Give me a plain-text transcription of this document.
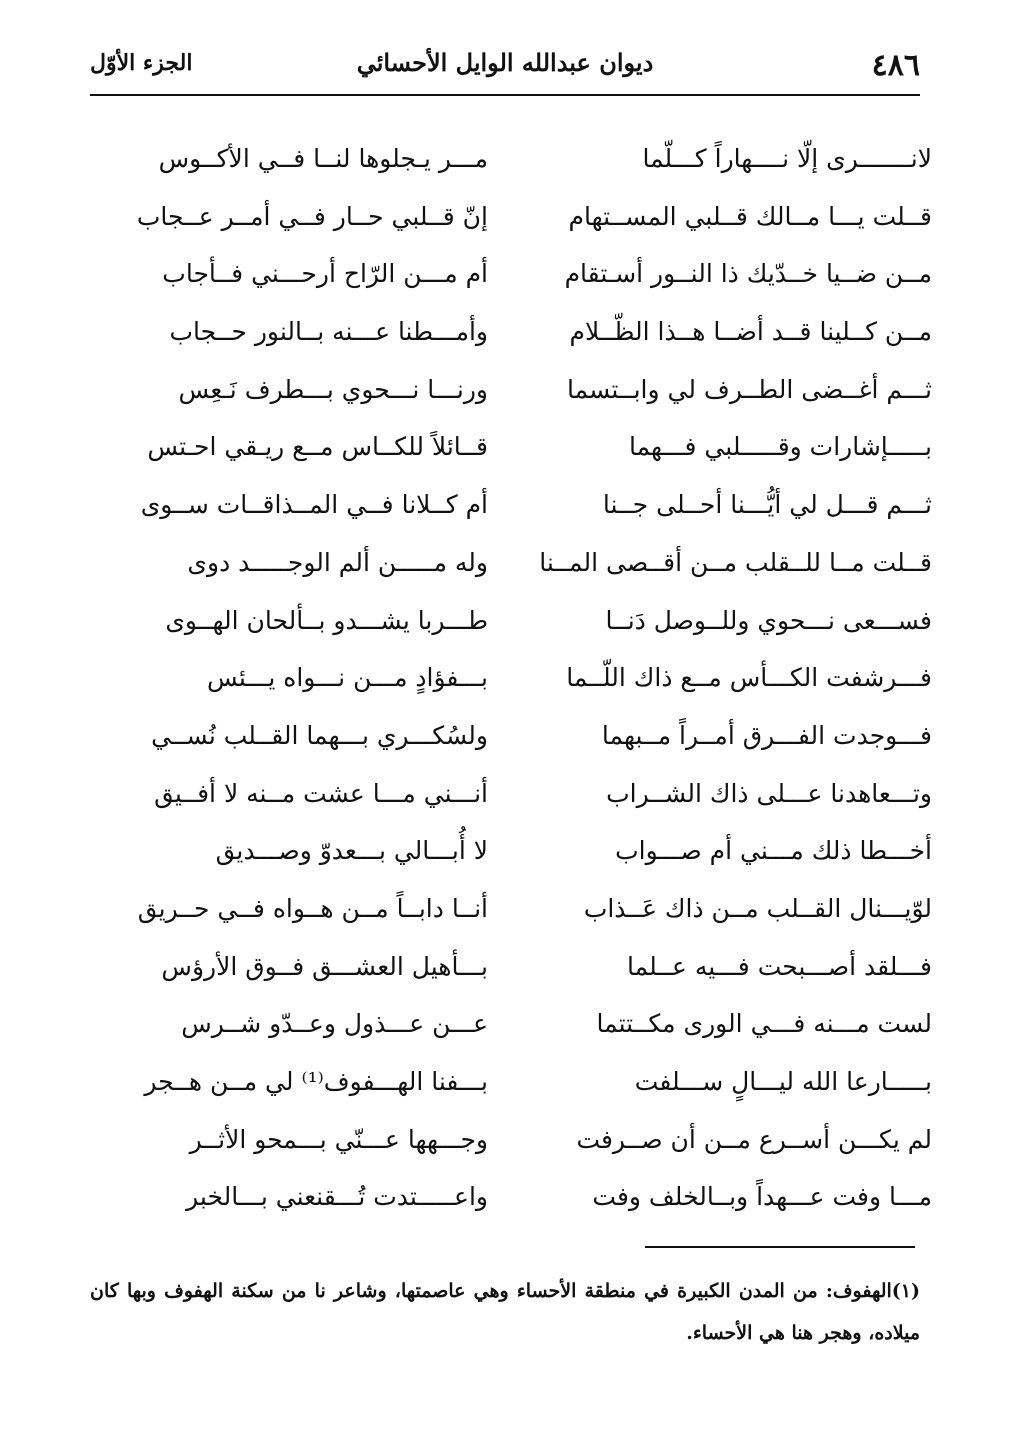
٤٨٦
ديوان عبدالله الوايل الأحسائي
الجزء الأوّل
لانـــــــرى إلّا نــــهاراً كـــلّما
مـــر يـجلوها لنــا فــي الأكــوس
قــلت يـــا مــالك قــلبي المســتهام
إنّ قــلبي حــار فــي أمــر عــجاب
مــن ضــيا خــدّيك ذا النــور أسـتقام
أم مـــن الرّاح أرحـــني فــأجاب
مــن كــلينا قــد أضــا هــذا الظّــلام
وأمـــطنا عـــنه بــالنور حــجاب
ثـــم أغــضى الطــرف لي وابــتسما
ورنـــا نـــحوي بـــطرف نَـعِس
بـــــإشارات وقـــــلبي فـــهما
قــائلاً للكــاس مــع ريـقي احـتس
ثـــم قـــل لي أيُّـــنا أحــلى جــنا
أم كــلانا فــي المــذاقــات ســوى
قــلت مــا للــقلب مــن أقــصى المــنا
وله مـــــن ألم الوجـــــد دوى
فســـعى نـــحوي وللــوصل دَنــا
طـــربا يشـــدو بــألحان الهــوى
فـــرشفت الكـــأس مــع ذاك اللّــما
بـــفؤادٍ مـــن نـــواه يـــئس
فـــوجدت الفـــرق أمــراً مــبهما
ولسُكـــري بـــهما القــلب نُســي
وتـــعاهدنا عـــلى ذاك الشــراب
أنـــني مـــا عشت مــنه لا أفــيق
أخـــطا ذلك مـــني أم صـــواب
لا أُبـــالي بـــعدوّ وصـــديق
لوّيـــنال القــلب مــن ذاك عَــذاب
أنــا دابــاً مــن هــواه فــي حــريق
فـــلقد أصـــبحت فـــيه عــلما
بـــأهيل العشـــق فــوق الأرؤس
لست مـــنه فـــي الورى مكــتتما
عـــن عـــذول وعــدّو شــرس
بـــــارعا الله ليـــالٍ ســـلفت
بـــفنا الهـــفوف⁽¹⁾ لي مــن هــجر
لم يكـــن أســرع مــن أن صــرفت
وجـــهها عـــنّي بـــمحو الأثــر
مـــا وفت عـــهداً وبــالخلف وفت
واعـــــتدت تُـــقنعني بـــالخبر
(١)الهفوف: من المدن الكبيرة في منطقة الأحساء وهي عاصمتها، وشاعر نا من سكنة الهفوف وبها كان ميلاده، وهجر هنا هي الأحساء.
